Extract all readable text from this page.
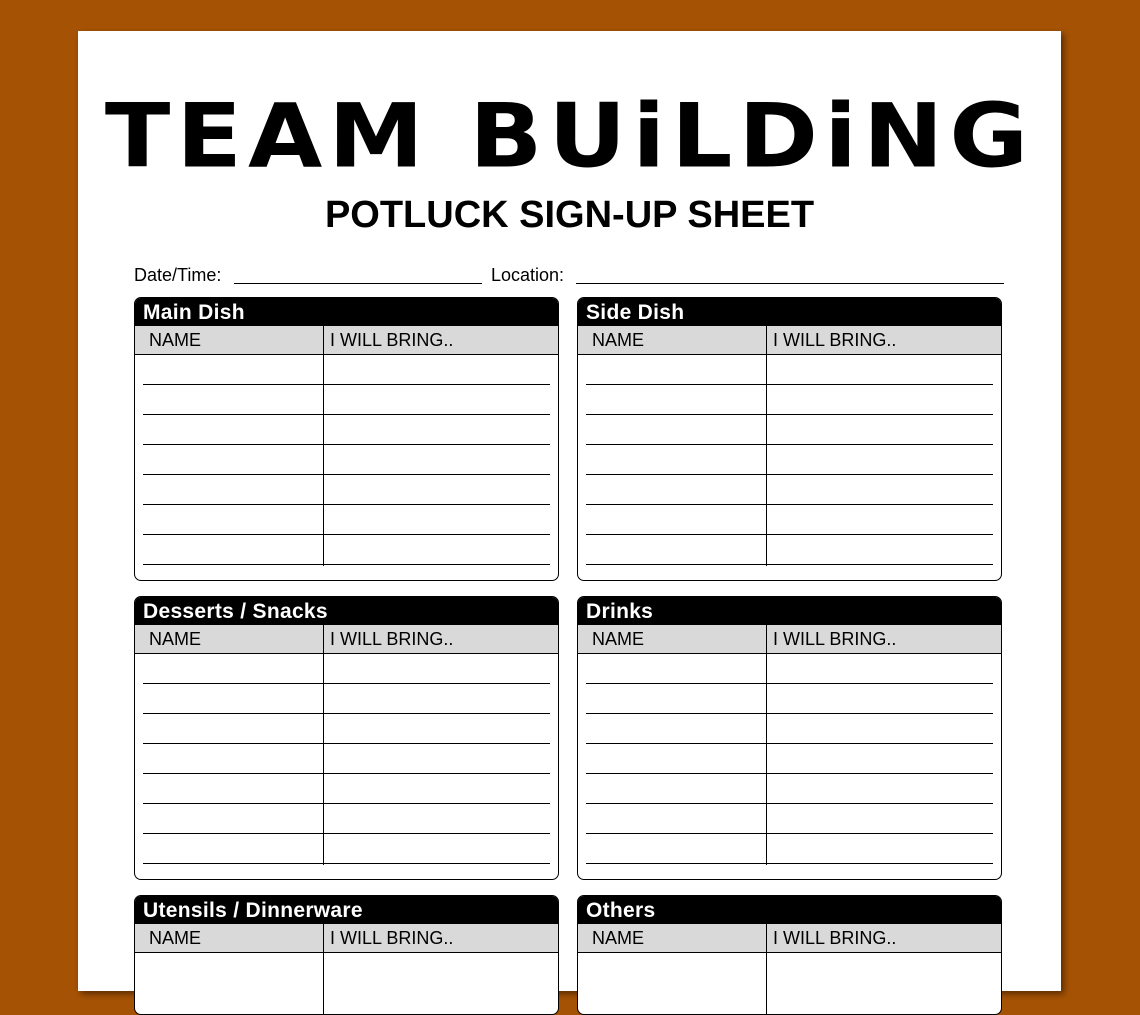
TEAM BUiLDiNG
POTLUCK SIGN-UP SHEET
Date/Time:	Location:
Main Dish
NAME	I WILL BRING..
Side Dish
NAME	I WILL BRING..
Desserts / Snacks
NAME	I WILL BRING..
Drinks
NAME	I WILL BRING..
Utensils / Dinnerware
NAME	I WILL BRING..
Others
NAME	I WILL BRING..
